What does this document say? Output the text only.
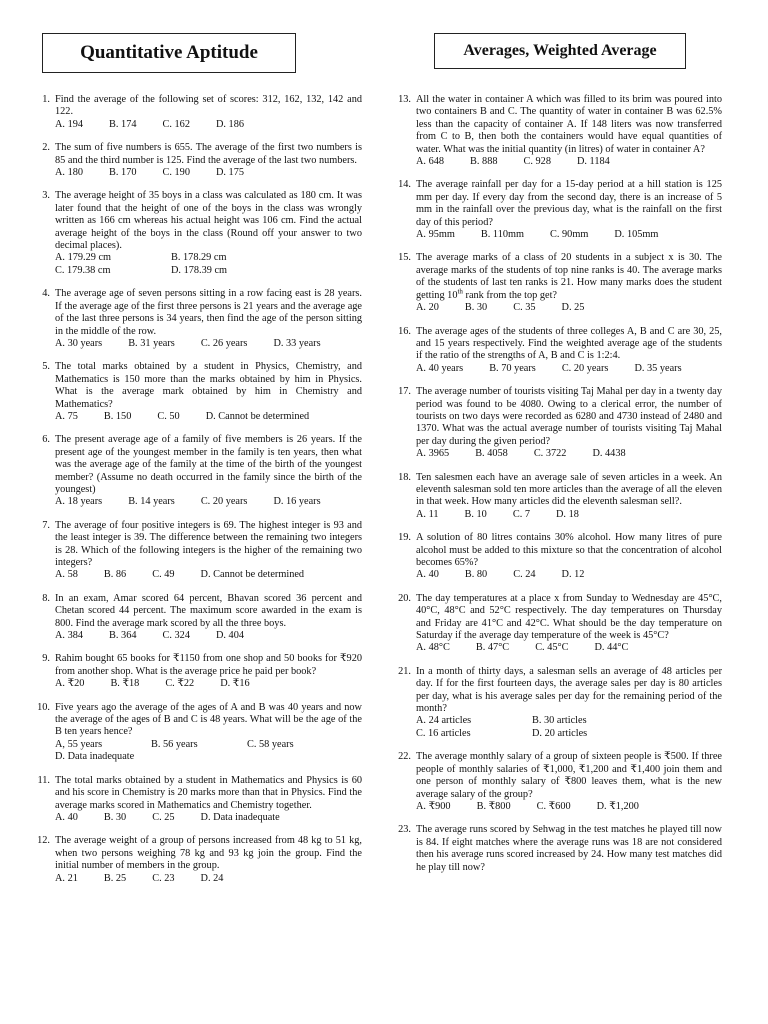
Quantitative Aptitude	Averages, Weighted Average
1. Find the average of the following set of scores: 312, 162, 132, 142 and 122.
A. 194	B. 174	C. 162	D. 186
2. The sum of five numbers is 655. The average of the first two numbers is 85 and the third number is 125. Find the average of the last two numbers.
A. 180	B. 170	C. 190	D. 175
3. The average height of 35 boys in a class was calculated as 180 cm. It was later found that the height of one of the boys in the class was wrongly written as 166 cm whereas his actual height was 106 cm. Find the actual average height of the boys in the class (Round off your answer to two decimal places).
A. 179.29 cm	B. 178.29 cm
C. 179.38 cm	D. 178.39 cm
4. The average age of seven persons sitting in a row facing east is 28 years. If the average age of the first three persons is 21 years and the average age of the last three persons is 34 years, then find the age of the person sitting in the middle of the row.
A. 30 years	B. 31 years	C. 26 years	D. 33 years
5. The total marks obtained by a student in Physics, Chemistry, and Mathematics is 150 more than the marks obtained by him in Physics. What is the average mark obtained by him in Chemistry and Mathematics?
A. 75	B. 150	C. 50	D. Cannot be determined
6. The present average age of a family of five members is 26 years. If the present age of the youngest member in the family is ten years, then what was the average age of the family at the time of the birth of the youngest member? (Assume no death occurred in the family since the birth of the youngest)
A. 18 years	B. 14 years	C. 20 years	D. 16 years
7. The average of four positive integers is 69. The highest integer is 93 and the least integer is 39. The difference between the remaining two integers is 28. Which of the following integers is the higher of the remaining two integers?
A. 58	B. 86	C. 49	D. Cannot be determined
8. In an exam, Amar scored 64 percent, Bhavan scored 36 percent and Chetan scored 44 percent. The maximum score awarded in the exam is 800. Find the average mark scored by all the three boys.
A. 384	B. 364	C. 324	D. 404
9. Rahim bought 65 books for ₹1150 from one shop and 50 books for ₹920 from another shop. What is the average price he paid per book?
A. ₹20	B. ₹18	C. ₹22	D. ₹16
10. Five years ago the average of the ages of A and B was 40 years and now the average of the ages of B and C is 48 years. What will be the age of the B ten years hence?
A, 55 years	B. 56 years	C. 58 years
D. Data inadequate
11. The total marks obtained by a student in Mathematics and Physics is 60 and his score in Chemistry is 20 marks more than that in Physics. Find the average marks scored in Mathematics and Chemistry together.
A. 40	B. 30	C. 25	D. Data inadequate
12. The average weight of a group of persons increased from 48 kg to 51 kg, when two persons weighing 78 kg and 93 kg join the group. Find the initial number of members in the group.
A. 21	B. 25	C. 23	D. 24
13. All the water in container A which was filled to its brim was poured into two containers B and C. The quantity of water in container B was 62.5% less than the capacity of container A. If 148 liters was now transferred from C to B, then both the containers would have equal quantities of water. What was the initial quantity (in litres) of water in container A?
A. 648	B. 888	C. 928	D. 1184
14. The average rainfall per day for a 15-day period at a hill station is 125 mm per day. If every day from the second day, there is an increase of 5 mm in the rainfall over the previous day, what is the rainfall on the first day of this period?
A. 95mm	B. 110mm	C. 90mm	D. 105mm
15. The average marks of a class of 20 students in a subject x is 30. The average marks of the students of top nine ranks is 40. The average marks of the students of last ten ranks is 21. How many marks does the student getting 10th rank from the top get?
A. 20	B. 30	C. 35	D. 25
16. The average ages of the students of three colleges A, B and C are 30, 25, and 15 years respectively. Find the weighted average age of the students if the ratio of the strengths of A, B and C is 1:2:4.
A. 40 years	B. 70 years	C. 20 years	D. 35 years
17. The average number of tourists visiting Taj Mahal per day in a twenty day period was found to be 4080. Owing to a clerical error, the number of tourists on two days were recorded as 6280 and 4730 instead of 2480 and 1370. What was the actual average number of tourists visiting Taj Mahal per day during the given period?
A. 3965	B. 4058	C. 3722	D. 4438
18. Ten salesmen each have an average sale of seven articles in a week. An eleventh salesman sold ten more articles than the average of all the eleven in that week. How many articles did the eleventh salesman sell?.
A. 11	B. 10	C. 7	D. 18
19. A solution of 80 litres contains 30% alcohol. How many litres of pure alcohol must be added to this mixture so that the concentration of alcohol becomes 65%?
A. 40	B. 80	C. 24	D. 12
20. The day temperatures at a place x from Sunday to Wednesday are 45°C, 40°C, 48°C and 52°C respectively. The day temperatures on Thursday and Friday are 41°C and 42°C. What should be the day temperature on Saturday if the average day temperature of the week is 45°C?
A. 48°C	B. 47°C	C. 45°C	D. 44°C
21. In a month of thirty days, a salesman sells an average of 48 articles per day. If for the first fourteen days, the average sales per day is 80 articles per day, what is his average sales per day for the remaining period of the month?
A. 24 articles	B. 30 articles
C. 16 articles	D. 20 articles
22. The average monthly salary of a group of sixteen people is ₹500. If three people of monthly salaries of ₹1,000, ₹1,200 and ₹1,400 join them and one person of monthly salary of ₹800 leaves them, what is the new average salary of the group?
A. ₹900	B. ₹800	C. ₹600	D. ₹1,200
23. The average runs scored by Sehwag in the test matches he played till now is 84. If eight matches where the average runs was 18 are not considered then his average runs scored increased by 24. How many test matches did he play till now?
